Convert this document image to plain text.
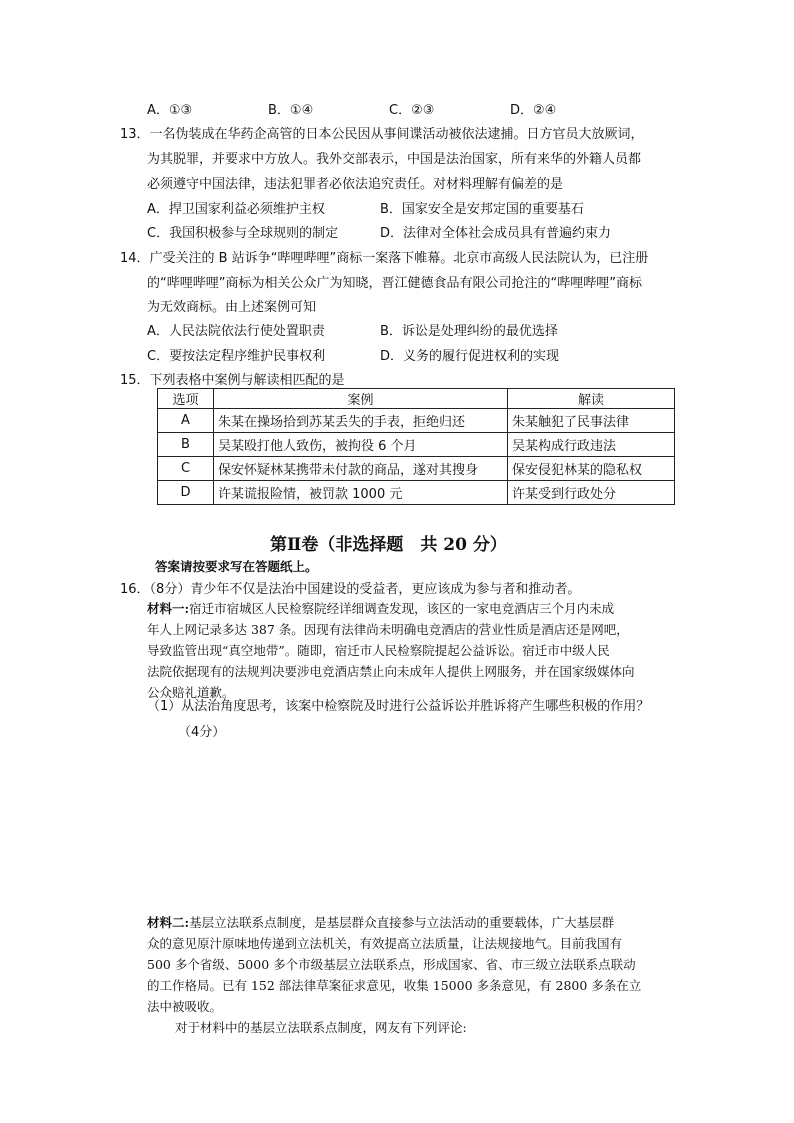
A．①③	B．①④	C．②③	D．②④
13．一名伪装成在华药企高管的日本公民因从事间谍活动被依法逮捕。日方官员大放厥词，
为其脱罪，并要求中方放人。我外交部表示，中国是法治国家，所有来华的外籍人员都
必须遵守中国法律，违法犯罪者必依法追究责任。对材料理解有偏差的是
A．捍卫国家利益必须维护主权	B．国家安全是安邦定国的重要基石
C．我国积极参与全球规则的制定	D．法律对全体社会成员具有普遍约束力
14．广受关注的 B 站诉争“哔哩哔哩”商标一案落下帷幕。北京市高级人民法院认为，已注册
的“哔哩哔哩”商标为相关公众广为知晓，晋江健德食品有限公司抢注的“哔哩哔哩”商标
为无效商标。由上述案例可知
A．人民法院依法行使处置职责	B．诉讼是处理纠纷的最优选择
C．要按法定程序维护民事权利	D．义务的履行促进权利的实现
15．下列表格中案例与解读相匹配的是
选项	案例	解读
A	朱某在操场拾到苏某丢失的手表，拒绝归还	朱某触犯了民事法律
B	吴某殴打他人致伤，被拘役 6 个月	吴某构成行政违法
C	保安怀疑林某携带未付款的商品，遂对其搜身	保安侵犯林某的隐私权
D	许某谎报险情，被罚款 1000 元	许某受到行政处分
第Ⅱ卷（非选择题　共 20 分）
答案请按要求写在答题纸上。
16．（8分）青少年不仅是法治中国建设的受益者，更应该成为参与者和推动者。
材料一:宿迁市宿城区人民检察院经详细调查发现，该区的一家电竞酒店三个月内未成
年人上网记录多达 387 条。因现有法律尚未明确电竞酒店的营业性质是酒店还是网吧，
导致监管出现“真空地带”。随即，宿迁市人民检察院提起公益诉讼。宿迁市中级人民
法院依据现有的法规判决要涉电竞酒店禁止向未成年人提供上网服务，并在国家级媒体向
公众赔礼道歉。
（1）从法治角度思考，该案中检察院及时进行公益诉讼并胜诉将产生哪些积极的作用？
（4分）
材料二:基层立法联系点制度，是基层群众直接参与立法活动的重要载体，广大基层群
众的意见原汁原味地传递到立法机关，有效提高立法质量，让法规接地气。目前我国有
500 多个省级、5000 多个市级基层立法联系点，形成国家、省、市三级立法联系点联动
的工作格局。已有 152 部法律草案征求意见，收集 15000 多条意见，有 2800 多条在立
法中被吸收。
对于材料中的基层立法联系点制度，网友有下列评论:
